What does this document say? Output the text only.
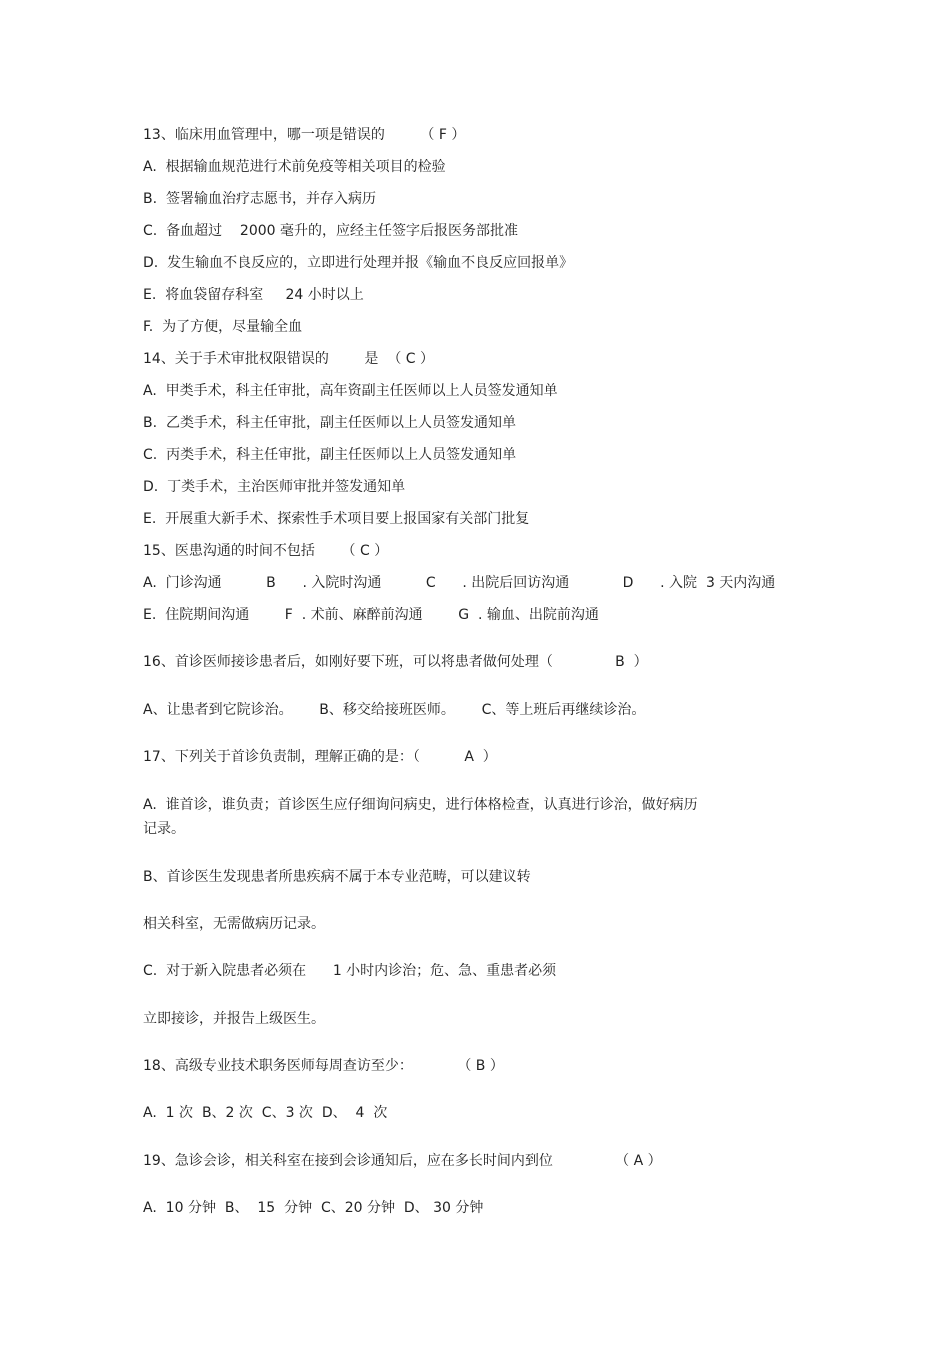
13、临床用血管理中，哪一项是错误的        （ F ）
A.  根据输血规范进行术前免疫等相关项目的检验
B.  签署输血治疗志愿书，并存入病历
C.  备血超过    2000 毫升的，应经主任签字后报医务部批准
D.  发生输血不良反应的，立即进行处理并报《输血不良反应回报单》
E.  将血袋留存科室     24 小时以上
F.  为了方便，尽量输全血
14、关于手术审批权限错误的        是  （ C ）
A.  甲类手术，科主任审批，高年资副主任医师以上人员签发通知单
B.  乙类手术，科主任审批，副主任医师以上人员签发通知单
C.  丙类手术，科主任审批，副主任医师以上人员签发通知单
D.  丁类手术，主治医师审批并签发通知单
E.  开展重大新手术、探索性手术项目要上报国家有关部门批复
15、医患沟通的时间不包括      （ C ）
A.  门诊沟通          B      . 入院时沟通          C      . 出院后回访沟通            D      . 入院  3 天内沟通
E.  住院期间沟通        F  . 术前、麻醉前沟通        G  . 输血、出院前沟通
16、首诊医师接诊患者后，如刚好要下班，可以将患者做何处理（              B  ）
A、让患者到它院诊治。      B、移交给接班医师。      C、等上班后再继续诊治。
17、下列关于首诊负责制，理解正确的是：（          A  ）
A.  谁首诊，谁负责；首诊医生应仔细询问病史，进行体格检查，认真进行诊治，做好病历
记录。
B、首诊医生发现患者所患疾病不属于本专业范畴，可以建议转
相关科室，无需做病历记录。
C.  对于新入院患者必须在      1 小时内诊治；危、急、重患者必须
立即接诊，并报告上级医生。
18、高级专业技术职务医师每周查访至少：          （ B ）
A.  1 次  B、2 次  C、3 次  D、  4  次
19、急诊会诊，相关科室在接到会诊通知后，应在多长时间内到位              （ A ）
A.  10 分钟  B、  15  分钟  C、20 分钟  D、 30 分钟
